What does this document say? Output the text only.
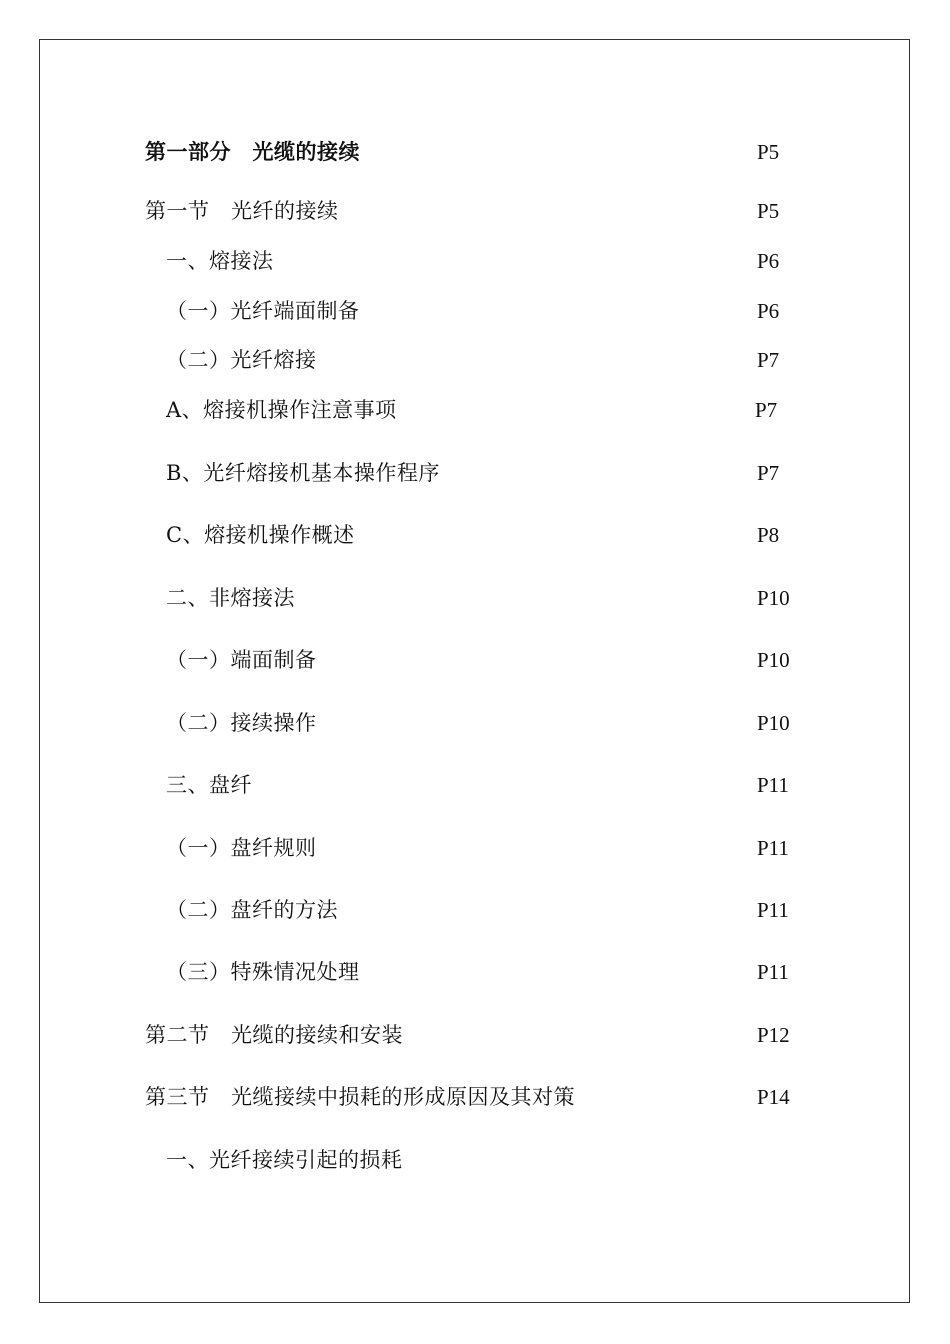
第一部分　光缆的接续	P5
第一节　光纤的接续	P5
一、熔接法	P6
（一）光纤端面制备	P6
（二）光纤熔接	P7
A、熔接机操作注意事项	P7
B、光纤熔接机基本操作程序	P7
C、熔接机操作概述	P8
二、非熔接法	P10
（一）端面制备	P10
（二）接续操作	P10
三、盘纤	P11
（一）盘纤规则	P11
（二）盘纤的方法	P11
（三）特殊情况处理	P11
第二节　光缆的接续和安装	P12
第三节　光缆接续中损耗的形成原因及其对策	P14
一、光纤接续引起的损耗
